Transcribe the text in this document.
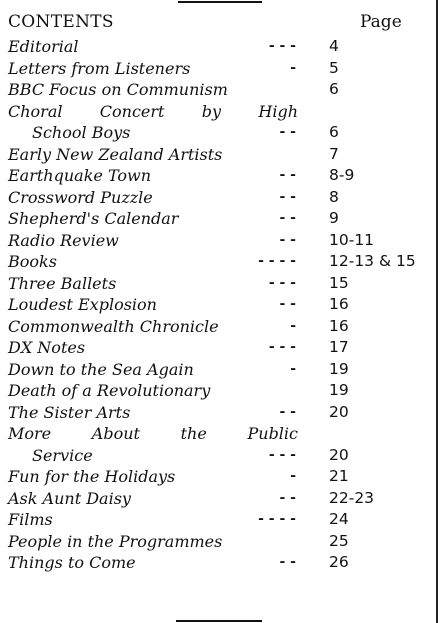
CONTENTS	Page
Editorial	- - - 4
Letters from Listeners	- 5
BBC Focus on Communism	6
Choral Concert by High
School Boys	- - 6
Early New Zealand Artists	7
Earthquake Town	- - 8-9
Crossword Puzzle	- - 8
Shepherd's Calendar	- - 9
Radio Review	- - 10-11
Books	- - - - 12-13 & 15
Three Ballets	- - - 15
Loudest Explosion	- - 16
Commonwealth Chronicle	- 16
DX Notes	- - - 17
Down to the Sea Again	- 19
Death of a Revolutionary	19
The Sister Arts	- - 20
More About the Public
Service	- - - 20
Fun for the Holidays	- 21
Ask Aunt Daisy	- - 22-23
Films	- - - - 24
People in the Programmes	25
Things to Come	- - 26
